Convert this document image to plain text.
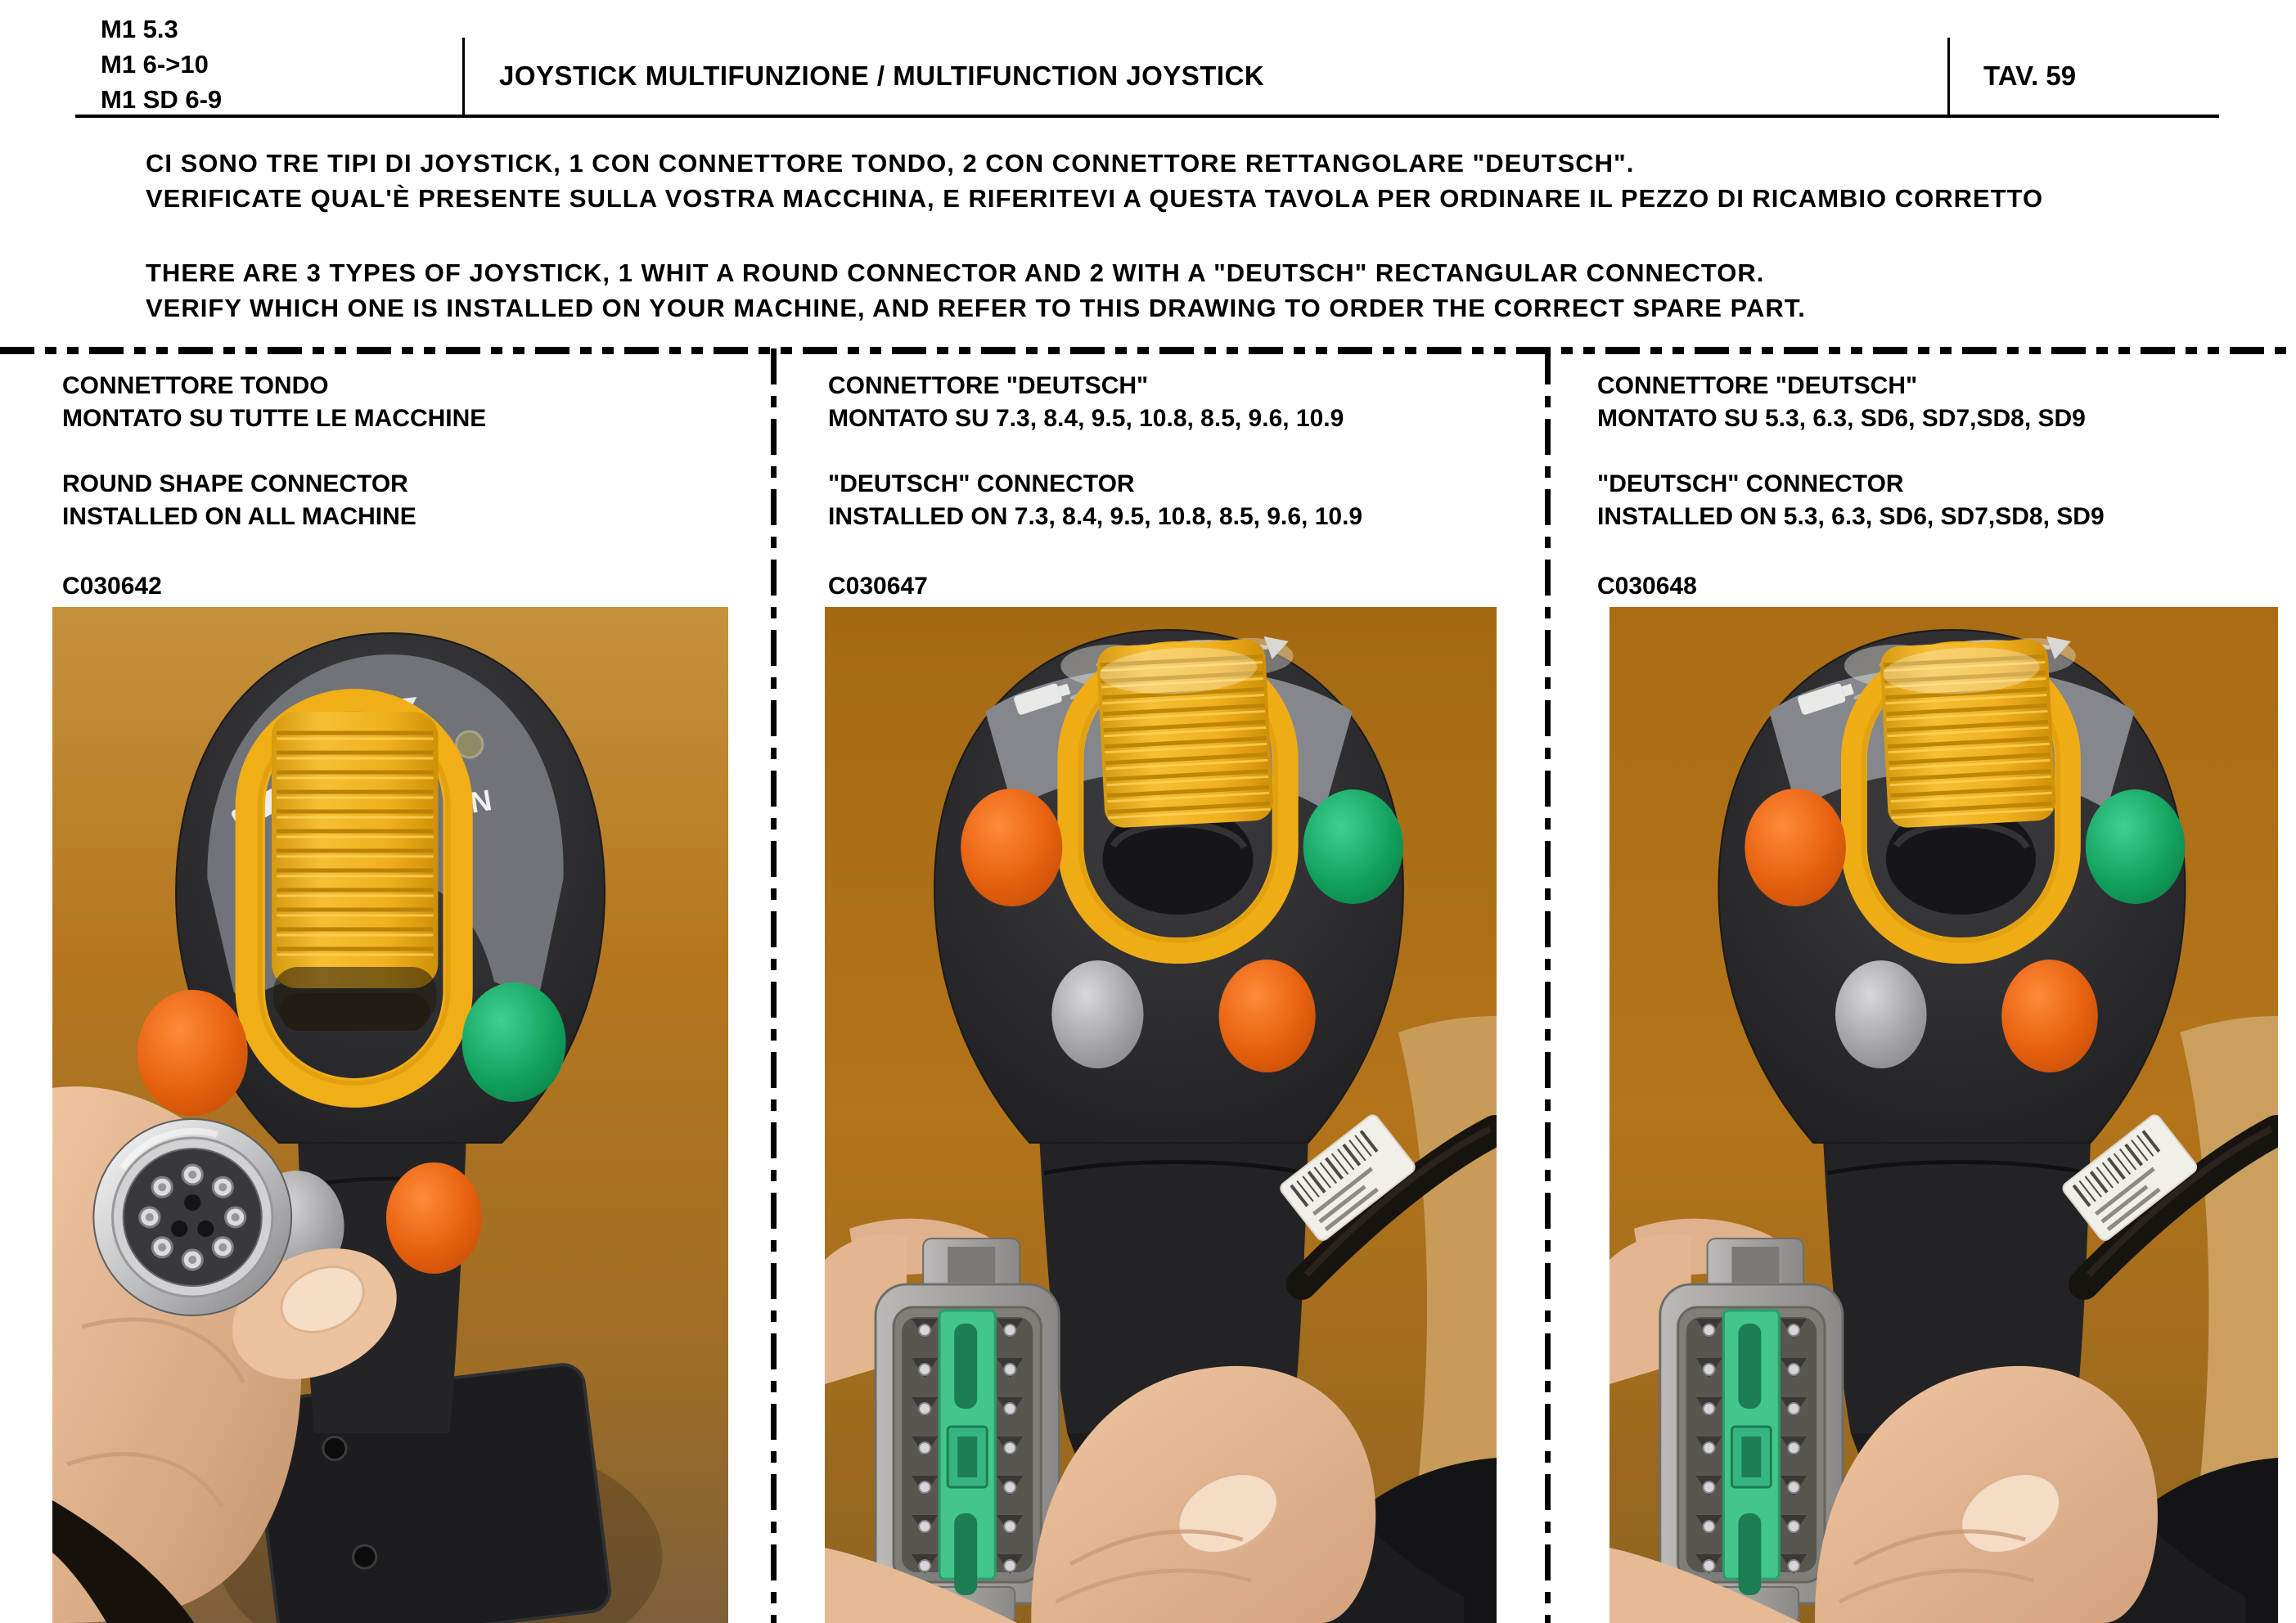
M1 5.3
M1 6->10
M1 SD 6-9
JOYSTICK MULTIFUNZIONE / MULTIFUNCTION JOYSTICK	TAV. 59
CI SONO TRE TIPI DI JOYSTICK, 1 CON CONNETTORE TONDO, 2 CON CONNETTORE RETTANGOLARE "DEUTSCH".
VERIFICATE QUAL'È PRESENTE SULLA VOSTRA MACCHINA, E RIFERITEVI A QUESTA TAVOLA PER ORDINARE IL PEZZO DI RICAMBIO CORRETTO
THERE ARE 3 TYPES OF JOYSTICK, 1 WHIT A ROUND CONNECTOR AND 2 WITH A "DEUTSCH" RECTANGULAR CONNECTOR.
VERIFY WHICH ONE IS INSTALLED ON YOUR MACHINE, AND REFER TO THIS DRAWING TO ORDER THE CORRECT SPARE PART.
CONNETTORE TONDO
MONTATO SU TUTTE LE MACCHINE
ROUND SHAPE CONNECTOR
INSTALLED ON ALL MACHINE
C030642
CONNETTORE "DEUTSCH"
MONTATO SU 7.3, 8.4, 9.5, 10.8, 8.5, 9.6, 10.9
"DEUTSCH" CONNECTOR
INSTALLED ON 7.3, 8.4, 9.5, 10.8, 8.5, 9.6, 10.9
C030647
CONNETTORE "DEUTSCH"
MONTATO SU 5.3, 6.3, SD6, SD7,SD8, SD9
"DEUTSCH" CONNECTOR
INSTALLED ON 5.3, 6.3, SD6, SD7,SD8, SD9
C030648
ON
